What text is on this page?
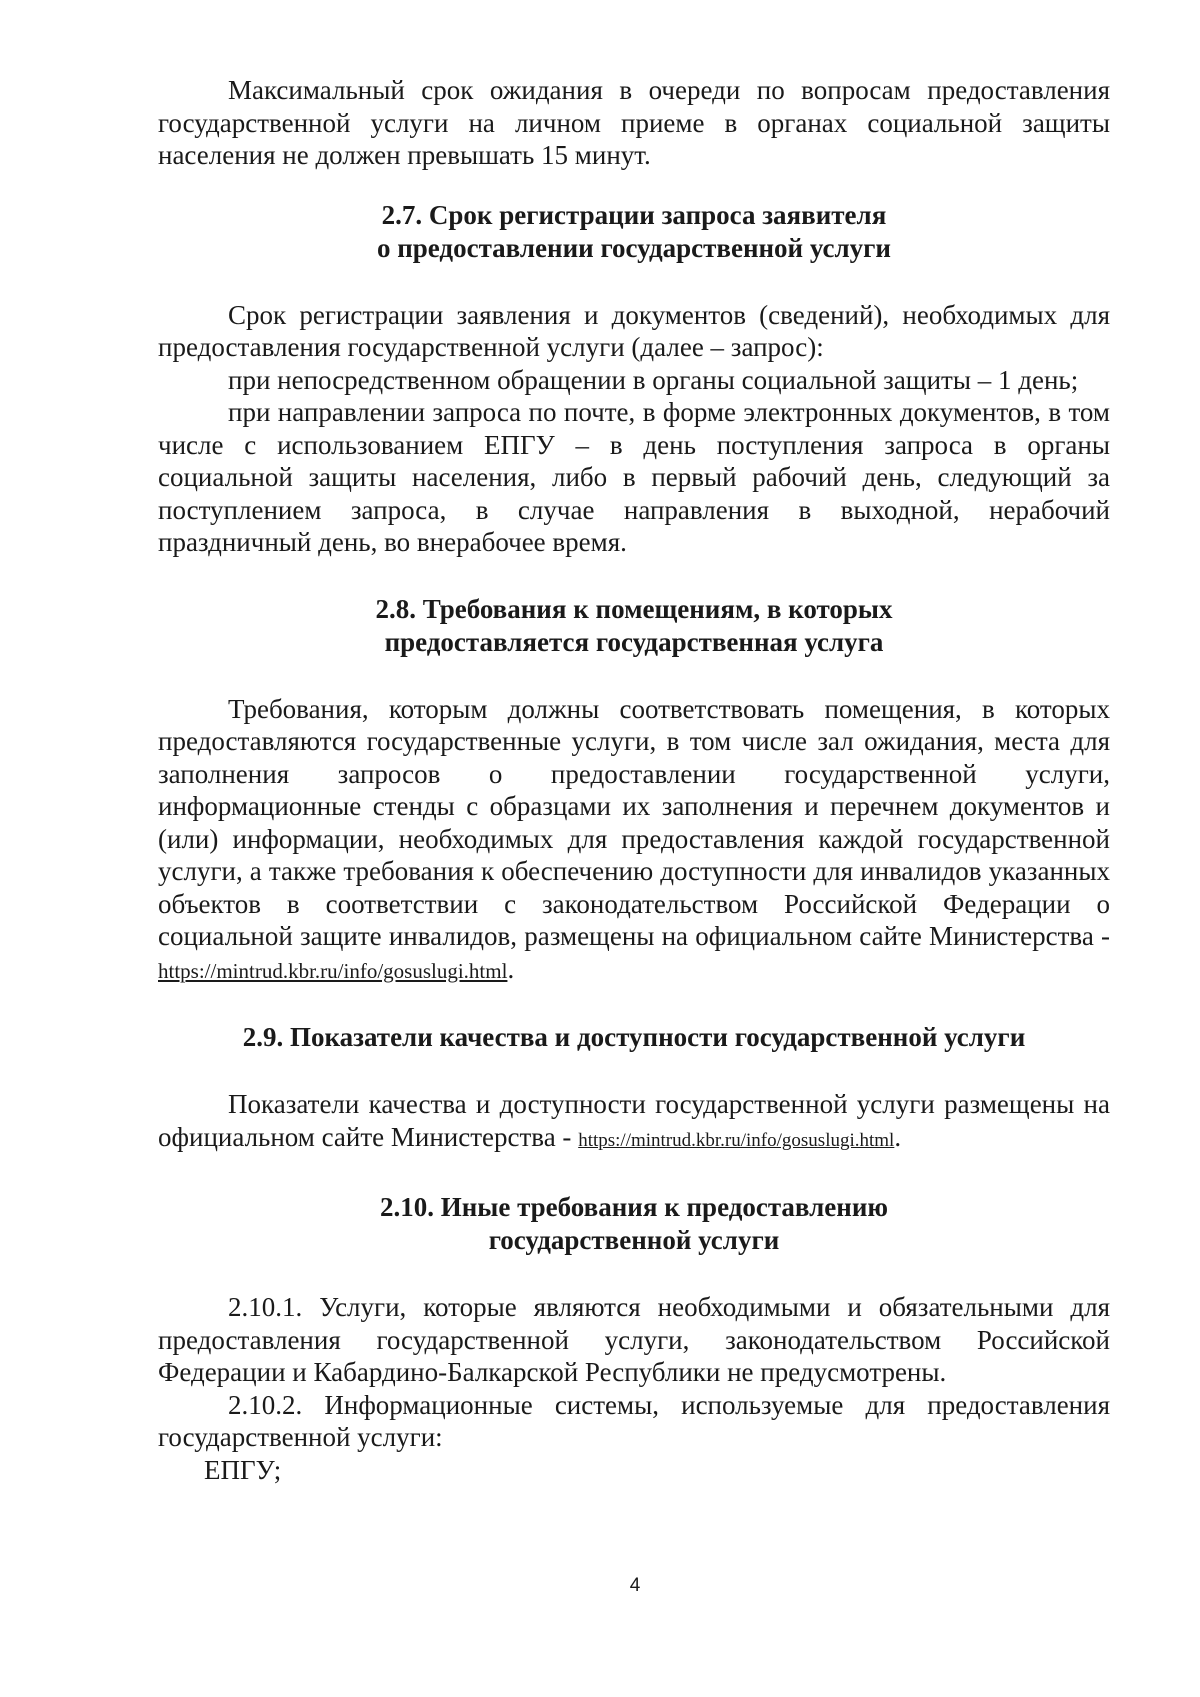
Максимальный срок ожидания в очереди по вопросам предоставления государственной услуги на личном приеме в органах социальной защиты населения не должен превышать 15 минут.

2.7. Срок регистрации запроса заявителя

о предоставлении государственной услуги

Срок регистрации заявления и документов (сведений), необходимых для предоставления государственной услуги (далее – запрос):

при непосредственном обращении в органы социальной защиты – 1 день;

при направлении запроса по почте, в форме электронных документов, в том числе с использованием ЕПГУ – в день поступления запроса в органы социальной защиты населения, либо в первый рабочий день, следующий за поступлением запроса, в случае направления в выходной, нерабочий праздничный день, во внерабочее время.

2.8. Требования к помещениям, в которых

предоставляется государственная услуга

Требования, которым должны соответствовать помещения, в которых предоставляются государственные услуги, в том числе зал ожидания, места для заполнения запросов о предоставлении государственной услуги, информационные стенды с образцами их заполнения и перечнем документов и (или) информации, необходимых для предоставления каждой государственной услуги, а также требования к обеспечению доступности для инвалидов указанных объектов в соответствии с законодательством Российской Федерации о социальной защите инвалидов, размещены на официальном сайте Министерства - https://mintrud.kbr.ru/info/gosuslugi.html.

2.9. Показатели качества и доступности государственной услуги

Показатели качества и доступности государственной услуги размещены на официальном сайте Министерства - https://mintrud.kbr.ru/info/gosuslugi.html.

2.10. Иные требования к предоставлению

государственной услуги

2.10.1. Услуги, которые являются необходимыми и обязательными для предоставления государственной услуги, законодательством Российской Федерации и Кабардино-Балкарской Республики не предусмотрены.

2.10.2. Информационные системы, используемые для предоставления государственной услуги:

ЕПГУ;

4
